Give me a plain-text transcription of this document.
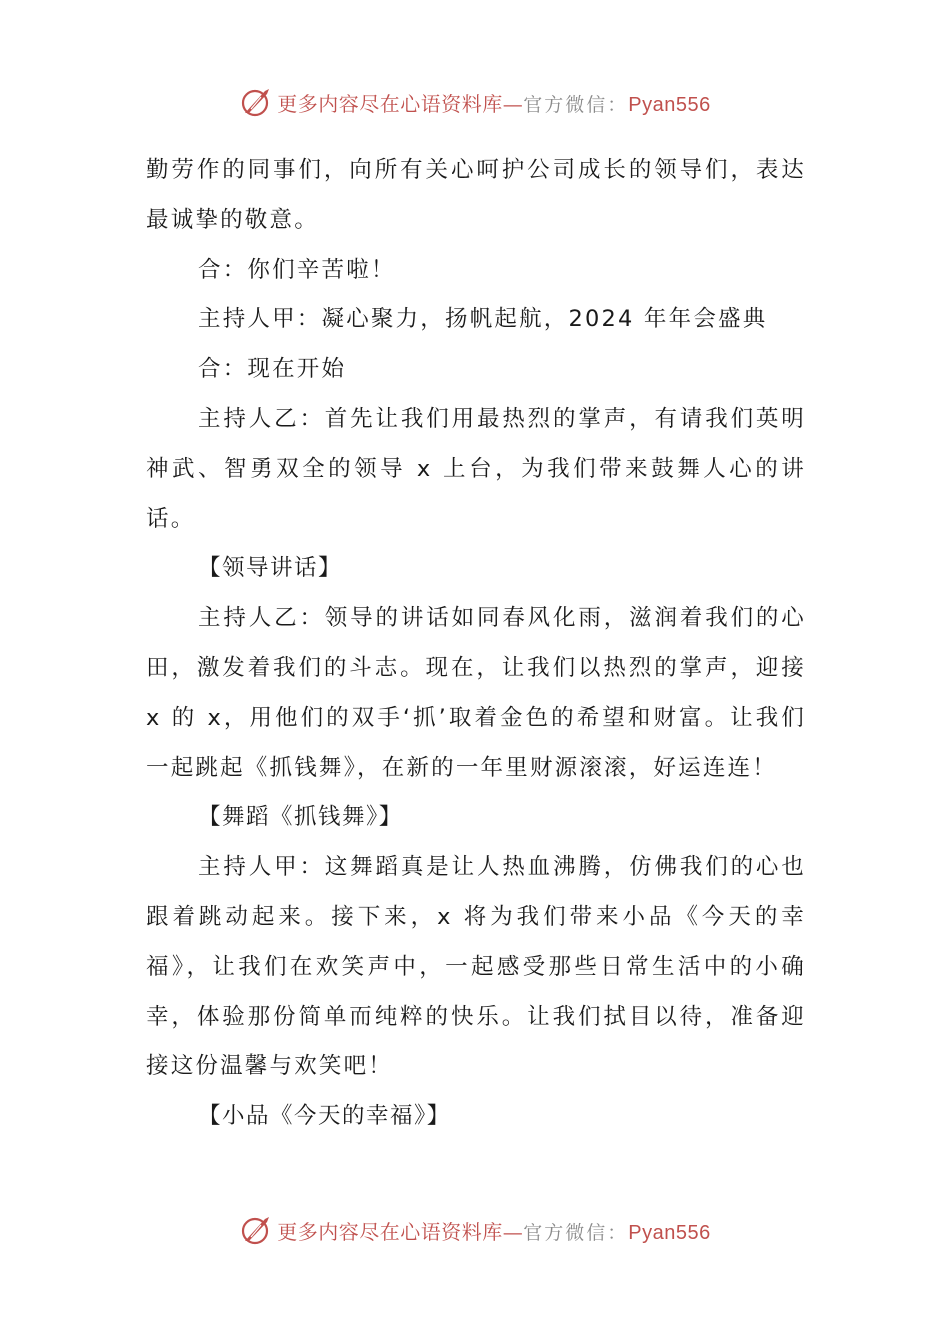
更多内容尽在心语资料库—官方微信：Pyan556

勤劳作的同事们，向所有关心呵护公司成长的领导们，表达最诚挚的敬意。

合：你们辛苦啦！

主持人甲：凝心聚力，扬帆起航，2024 年年会盛典

合：现在开始

主持人乙：首先让我们用最热烈的掌声，有请我们英明神武、智勇双全的领导 x 上台，为我们带来鼓舞人心的讲话。

【领导讲话】

主持人乙：领导的讲话如同春风化雨，滋润着我们的心田，激发着我们的斗志。现在，让我们以热烈的掌声，迎接 x 的 x，用他们的双手‘抓’取着金色的希望和财富。让我们一起跳起《抓钱舞》，在新的一年里财源滚滚，好运连连！

【舞蹈《抓钱舞》】

主持人甲：这舞蹈真是让人热血沸腾，仿佛我们的心也跟着跳动起来。接下来，x 将为我们带来小品《今天的幸福》，让我们在欢笑声中，一起感受那些日常生活中的小确幸，体验那份简单而纯粹的快乐。让我们拭目以待，准备迎接这份温馨与欢笑吧！

【小品《今天的幸福》】

更多内容尽在心语资料库—官方微信：Pyan556
